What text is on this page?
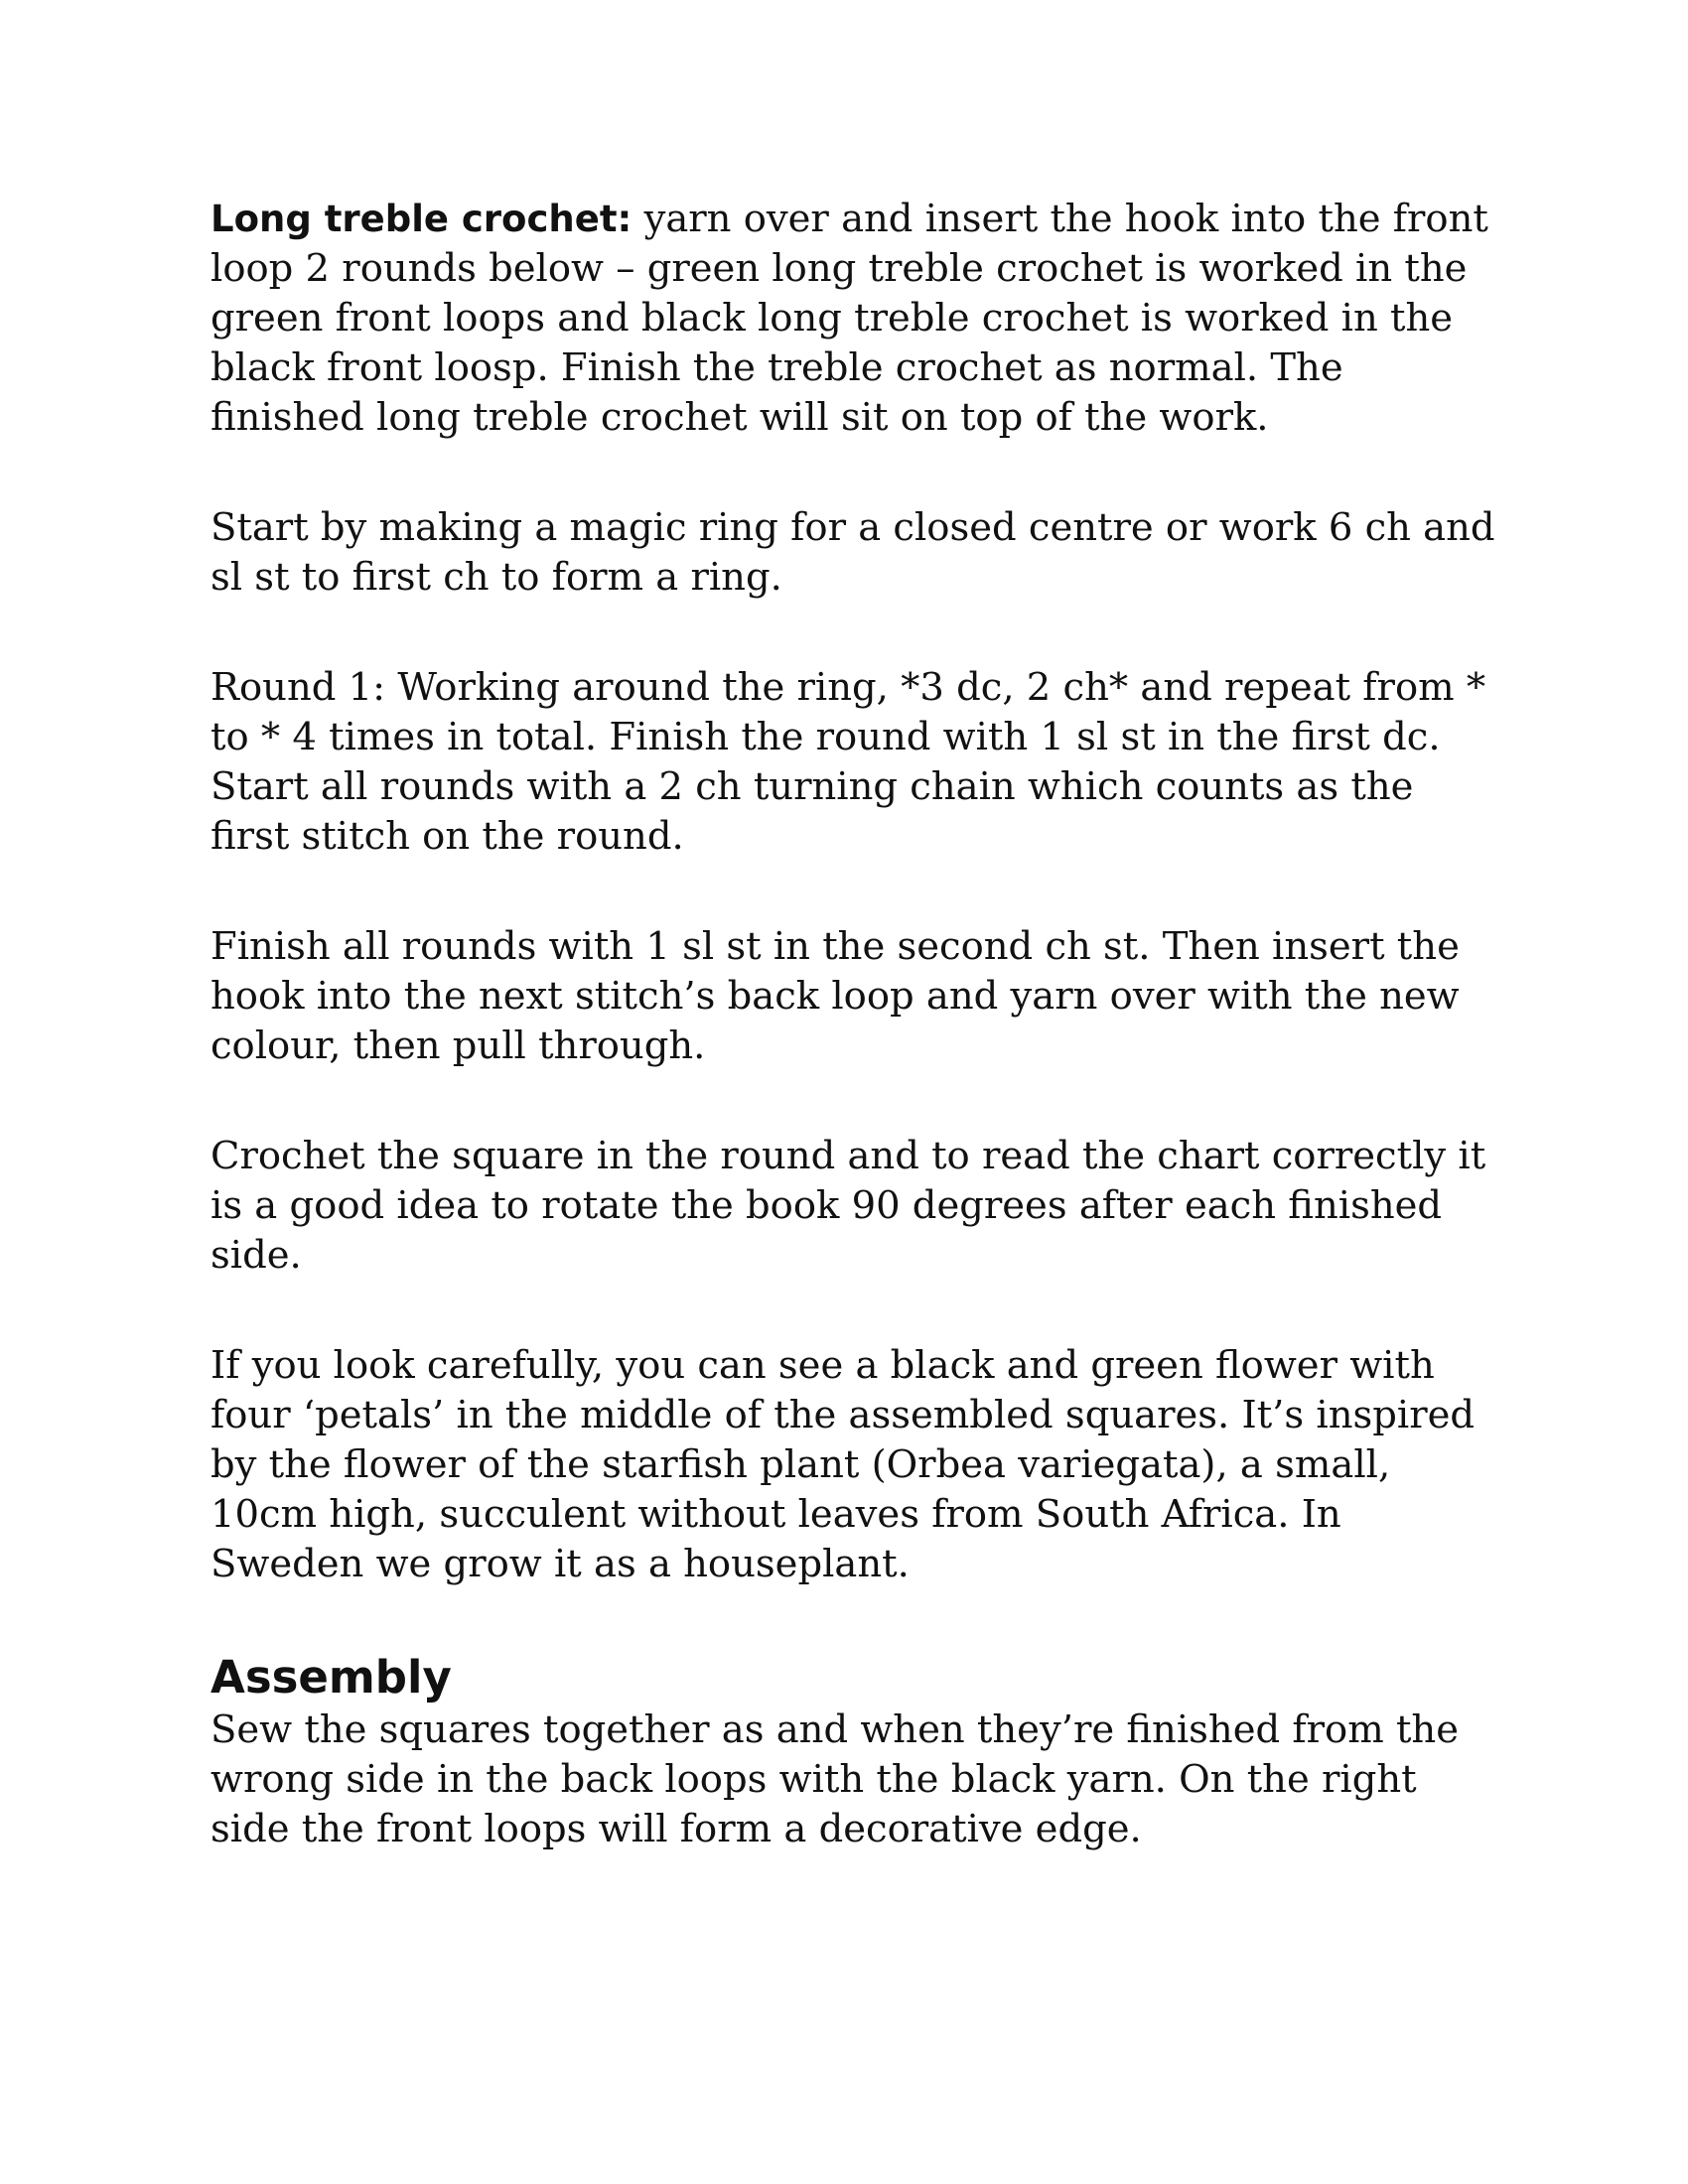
Long treble crochet: yarn over and insert the hook into the front loop 2 rounds below – green long treble crochet is worked in the green front loops and black long treble crochet is worked in the black front loosp. Finish the treble crochet as normal. The finished long treble crochet will sit on top of the work.

Start by making a magic ring for a closed centre or work 6 ch and sl st to first ch to form a ring.

Round 1: Working around the ring, *3 dc, 2 ch* and repeat from * to * 4 times in total. Finish the round with 1 sl st in the first dc. Start all rounds with a 2 ch turning chain which counts as the first stitch on the round.

Finish all rounds with 1 sl st in the second ch st. Then insert the hook into the next stitch’s back loop and yarn over with the new colour, then pull through.

Crochet the square in the round and to read the chart correctly it is a good idea to rotate the book 90 degrees after each finished side.

If you look carefully, you can see a black and green flower with four ‘petals’ in the middle of the assembled squares. It’s inspired by the flower of the starfish plant (Orbea variegata), a small, 10cm high, succulent without leaves from South Africa. In Sweden we grow it as a houseplant.

Assembly

Sew the squares together as and when they’re finished from the wrong side in the back loops with the black yarn. On the right side the front loops will form a decorative edge.
